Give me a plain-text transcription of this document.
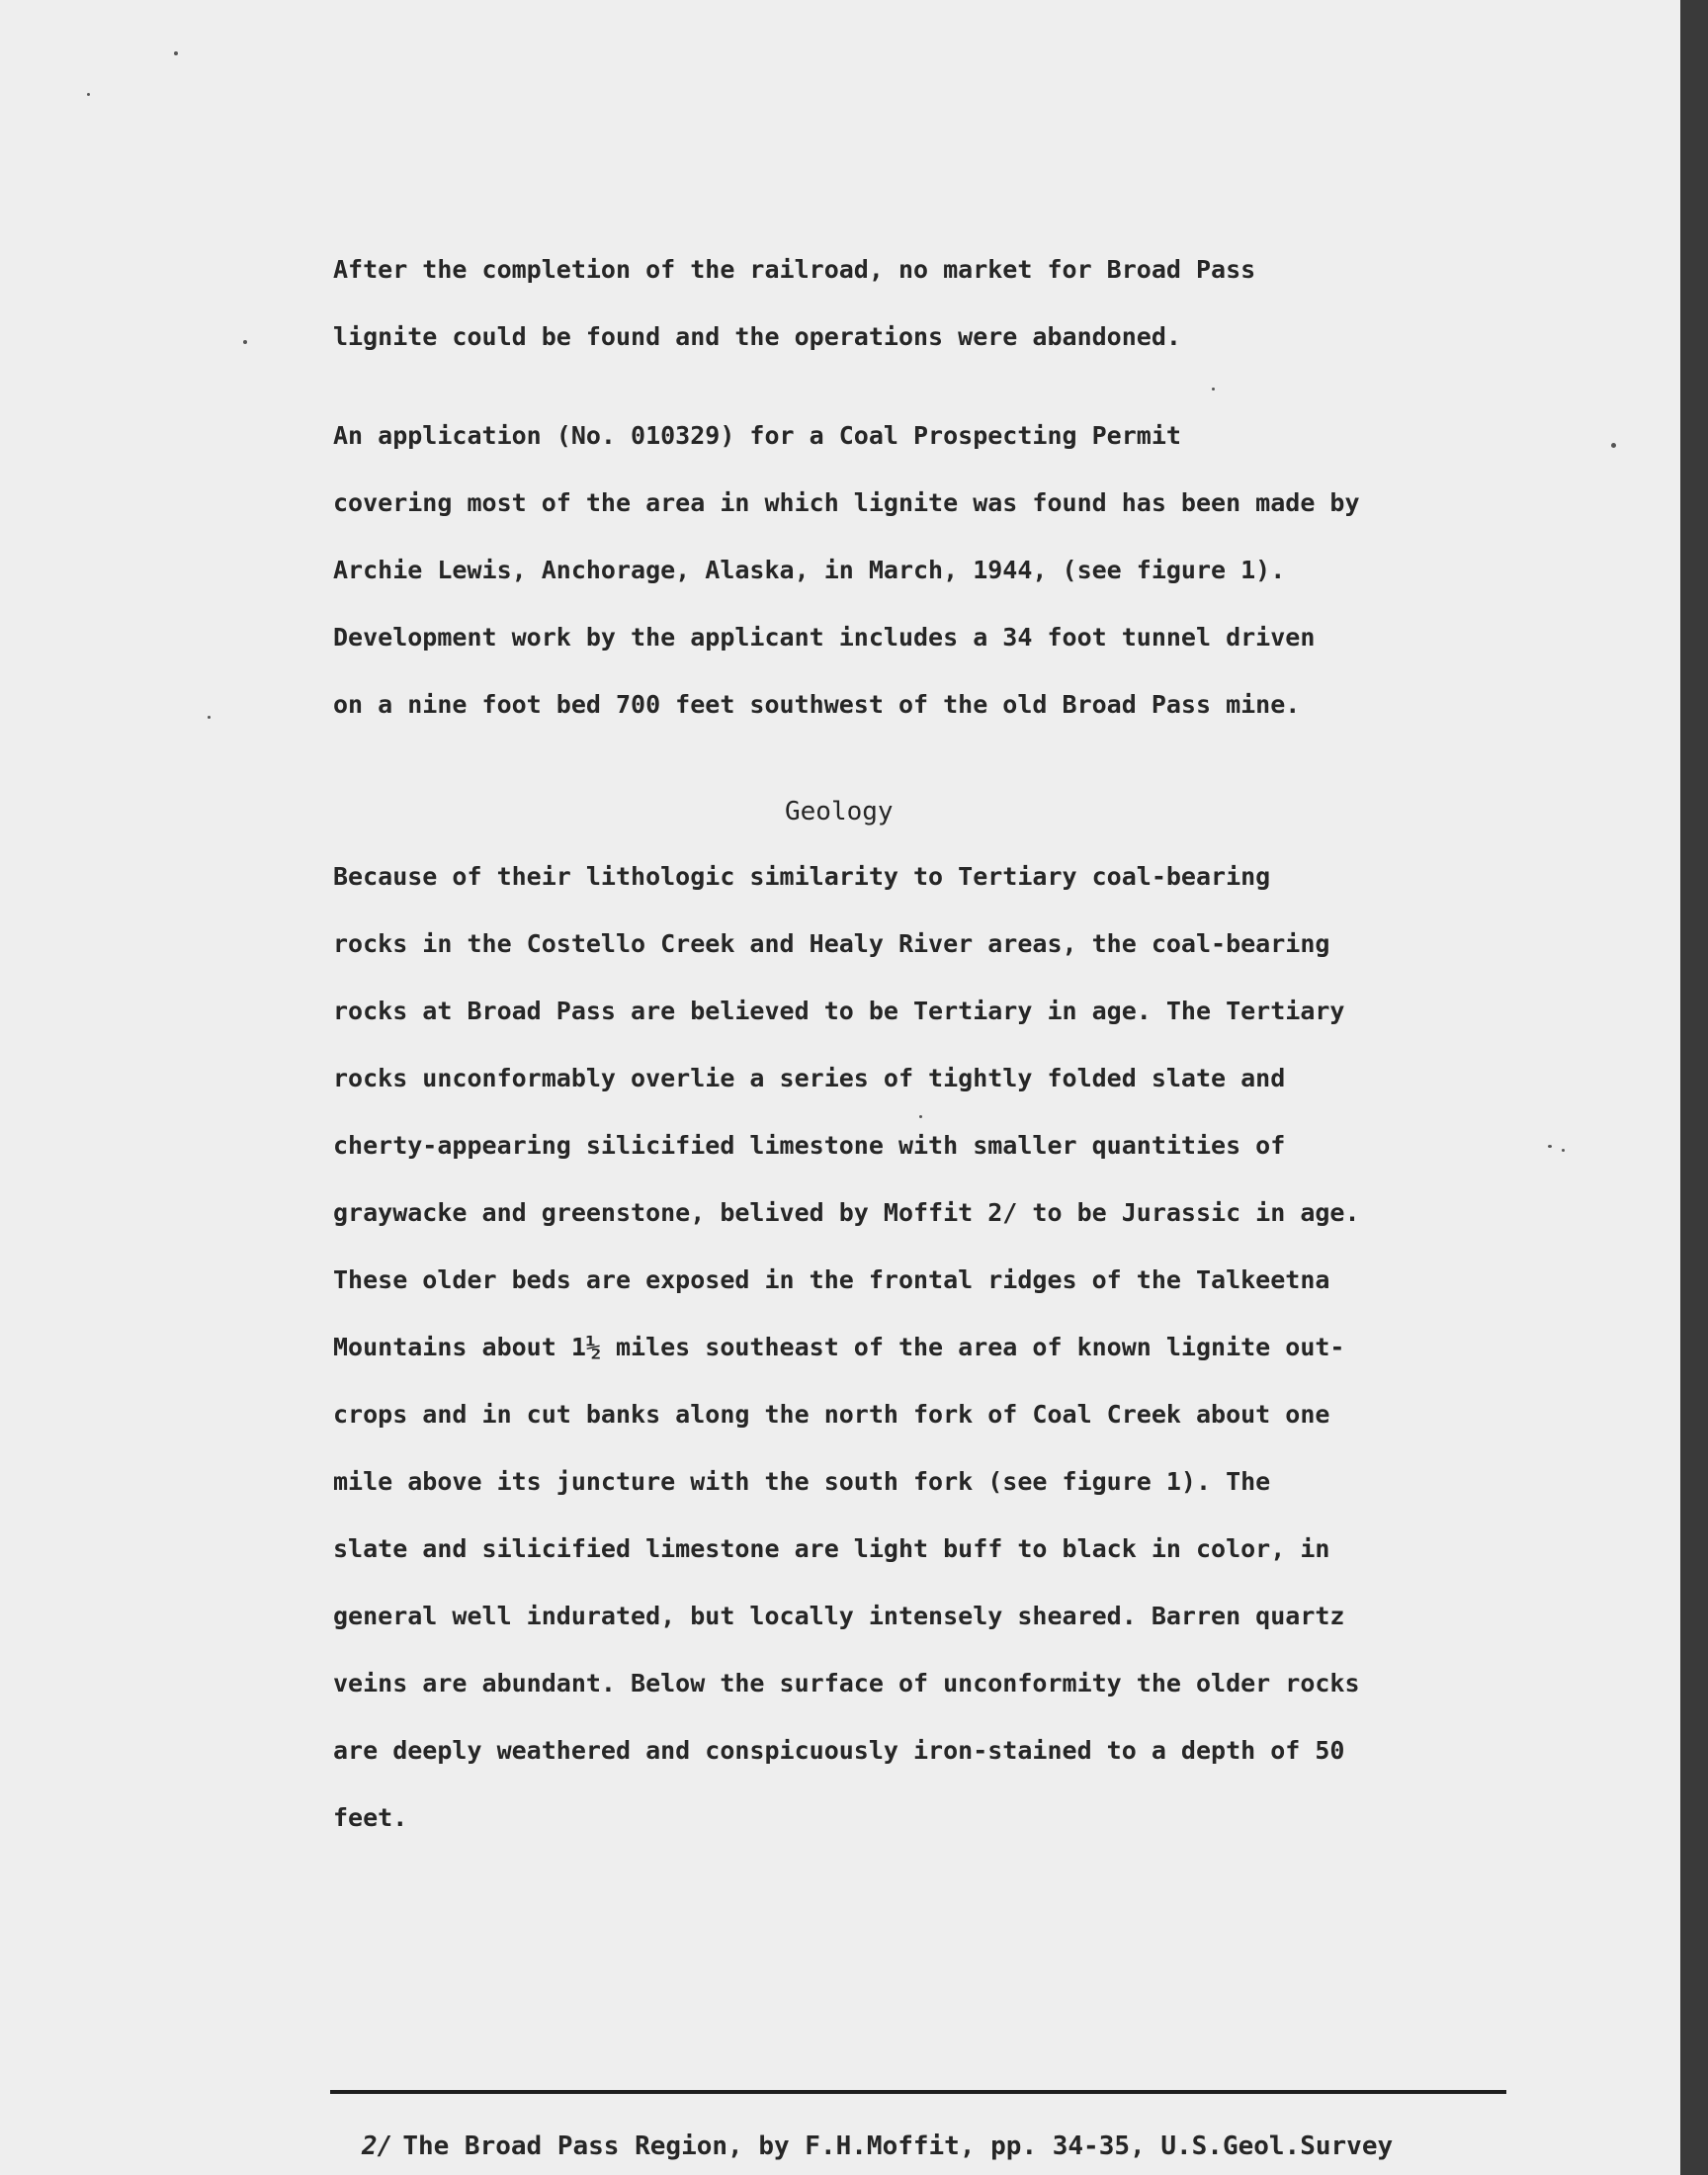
After the completion of the railroad, no market for Broad Pass
lignite could be found and the operations were abandoned.
An application (No. 010329) for a Coal Prospecting Permit
covering most of the area in which lignite was found has been made by
Archie Lewis, Anchorage, Alaska, in March, 1944, (see figure 1).
Development work by the applicant includes a 34 foot tunnel driven
on a nine foot bed 700 feet southwest of the old Broad Pass mine.
Geology
Because of their lithologic similarity to Tertiary coal-bearing
rocks in the Costello Creek and Healy River areas, the coal-bearing
rocks at Broad Pass are believed to be Tertiary in age. The Tertiary
rocks unconformably overlie a series of tightly folded slate and
cherty-appearing silicified limestone with smaller quantities of
graywacke and greenstone, belived by Moffit 2/ to be Jurassic in age.
These older beds are exposed in the frontal ridges of the Talkeetna
Mountains about 1½ miles southeast of the area of known lignite out-
crops and in cut banks along the north fork of Coal Creek about one
mile above its juncture with the south fork (see figure 1). The
slate and silicified limestone are light buff to black in color, in
general well indurated, but locally intensely sheared. Barren quartz
veins are abundant. Below the surface of unconformity the older rocks
are deeply weathered and conspicuously iron-stained to a depth of 50
feet.
2/ The Broad Pass Region, by F.H.Moffit, pp. 34-35, U.S.Geol.Survey
